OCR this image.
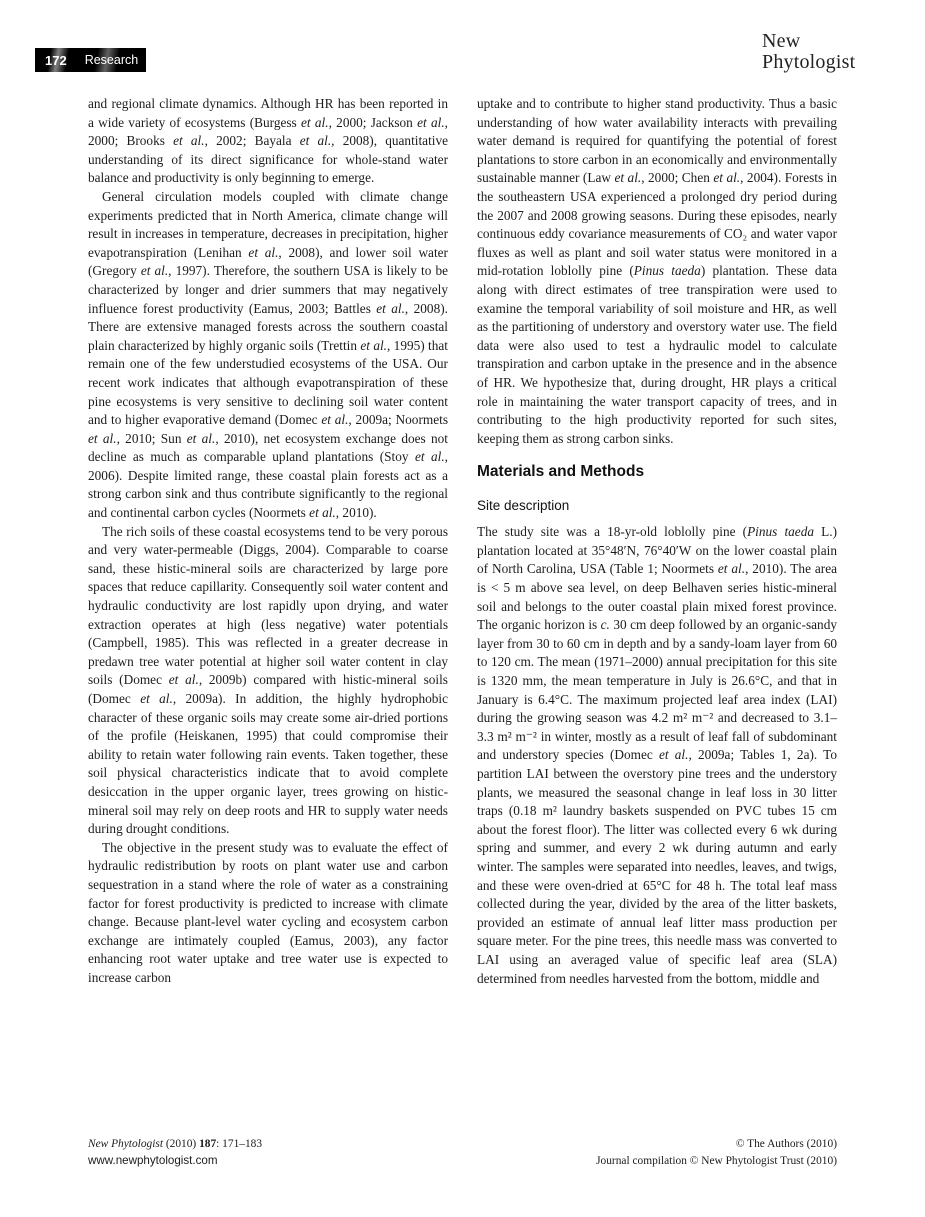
172 Research
New
Phytologist

and regional climate dynamics. Although HR has been reported in a wide variety of ecosystems (Burgess et al., 2000; Jackson et al., 2000; Brooks et al., 2002; Bayala et al., 2008), quantitative understanding of its direct significance for whole-stand water balance and productivity is only beginning to emerge.

General circulation models coupled with climate change experiments predicted that in North America, climate change will result in increases in temperature, decreases in precipitation, higher evapotranspiration (Lenihan et al., 2008), and lower soil water (Gregory et al., 1997). Therefore, the southern USA is likely to be characterized by longer and drier summers that may negatively influence forest productivity (Eamus, 2003; Battles et al., 2008). There are extensive managed forests across the southern coastal plain characterized by highly organic soils (Trettin et al., 1995) that remain one of the few understudied ecosystems of the USA. Our recent work indicates that although evapotranspiration of these pine ecosystems is very sensitive to declining soil water content and to higher evaporative demand (Domec et al., 2009a; Noormets et al., 2010; Sun et al., 2010), net ecosystem exchange does not decline as much as comparable upland plantations (Stoy et al., 2006). Despite limited range, these coastal plain forests act as a strong carbon sink and thus contribute significantly to the regional and continental carbon cycles (Noormets et al., 2010).

The rich soils of these coastal ecosystems tend to be very porous and very water-permeable (Diggs, 2004). Comparable to coarse sand, these histic-mineral soils are characterized by large pore spaces that reduce capillarity. Consequently soil water content and hydraulic conductivity are lost rapidly upon drying, and water extraction operates at high (less negative) water potentials (Campbell, 1985). This was reflected in a greater decrease in predawn tree water potential at higher soil water content in clay soils (Domec et al., 2009b) compared with histic-mineral soils (Domec et al., 2009a). In addition, the highly hydrophobic character of these organic soils may create some air-dried portions of the profile (Heiskanen, 1995) that could compromise their ability to retain water following rain events. Taken together, these soil physical characteristics indicate that to avoid complete desiccation in the upper organic layer, trees growing on histic-mineral soil may rely on deep roots and HR to supply water needs during drought conditions.

The objective in the present study was to evaluate the effect of hydraulic redistribution by roots on plant water use and carbon sequestration in a stand where the role of water as a constraining factor for forest productivity is predicted to increase with climate change. Because plant-level water cycling and ecosystem carbon exchange are intimately coupled (Eamus, 2003), any factor enhancing root water uptake and tree water use is expected to increase carbon

uptake and to contribute to higher stand productivity. Thus a basic understanding of how water availability interacts with prevailing water demand is required for quantifying the potential of forest plantations to store carbon in an economically and environmentally sustainable manner (Law et al., 2000; Chen et al., 2004). Forests in the southeastern USA experienced a prolonged dry period during the 2007 and 2008 growing seasons. During these episodes, nearly continuous eddy covariance measurements of CO₂ and water vapor fluxes as well as plant and soil water status were monitored in a mid-rotation loblolly pine (Pinus taeda) plantation. These data along with direct estimates of tree transpiration were used to examine the temporal variability of soil moisture and HR, as well as the partitioning of understory and overstory water use. The field data were also used to test a hydraulic model to calculate transpiration and carbon uptake in the presence and in the absence of HR. We hypothesize that, during drought, HR plays a critical role in maintaining the water transport capacity of trees, and in contributing to the high productivity reported for such sites, keeping them as strong carbon sinks.

Materials and Methods
Site description

The study site was a 18-yr-old loblolly pine (Pinus taeda L.) plantation located at 35°48′N, 76°40′W on the lower coastal plain of North Carolina, USA (Table 1; Noormets et al., 2010). The area is < 5 m above sea level, on deep Belhaven series histic-mineral soil and belongs to the outer coastal plain mixed forest province. The organic horizon is c. 30 cm deep followed by an organic-sandy layer from 30 to 60 cm in depth and by a sandy-loam layer from 60 to 120 cm. The mean (1971–2000) annual precipitation for this site is 1320 mm, the mean temperature in July is 26.6°C, and that in January is 6.4°C. The maximum projected leaf area index (LAI) during the growing season was 4.2 m² m⁻² and decreased to 3.1–3.3 m² m⁻² in winter, mostly as a result of leaf fall of subdominant and understory species (Domec et al., 2009a; Tables 1, 2a). To partition LAI between the overstory pine trees and the understory plants, we measured the seasonal change in leaf loss in 30 litter traps (0.18 m² laundry baskets suspended on PVC tubes 15 cm about the forest floor). The litter was collected every 6 wk during spring and summer, and every 2 wk during autumn and early winter. The samples were separated into needles, leaves, and twigs, and these were oven-dried at 65°C for 48 h. The total leaf mass collected during the year, divided by the area of the litter baskets, provided an estimate of annual leaf litter mass production per square meter. For the pine trees, this needle mass was converted to LAI using an averaged value of specific leaf area (SLA) determined from needles harvested from the bottom, middle and

New Phytologist (2010) 187: 171–183
www.newphytologist.com
© The Authors (2010)
Journal compilation © New Phytologist Trust (2010)
